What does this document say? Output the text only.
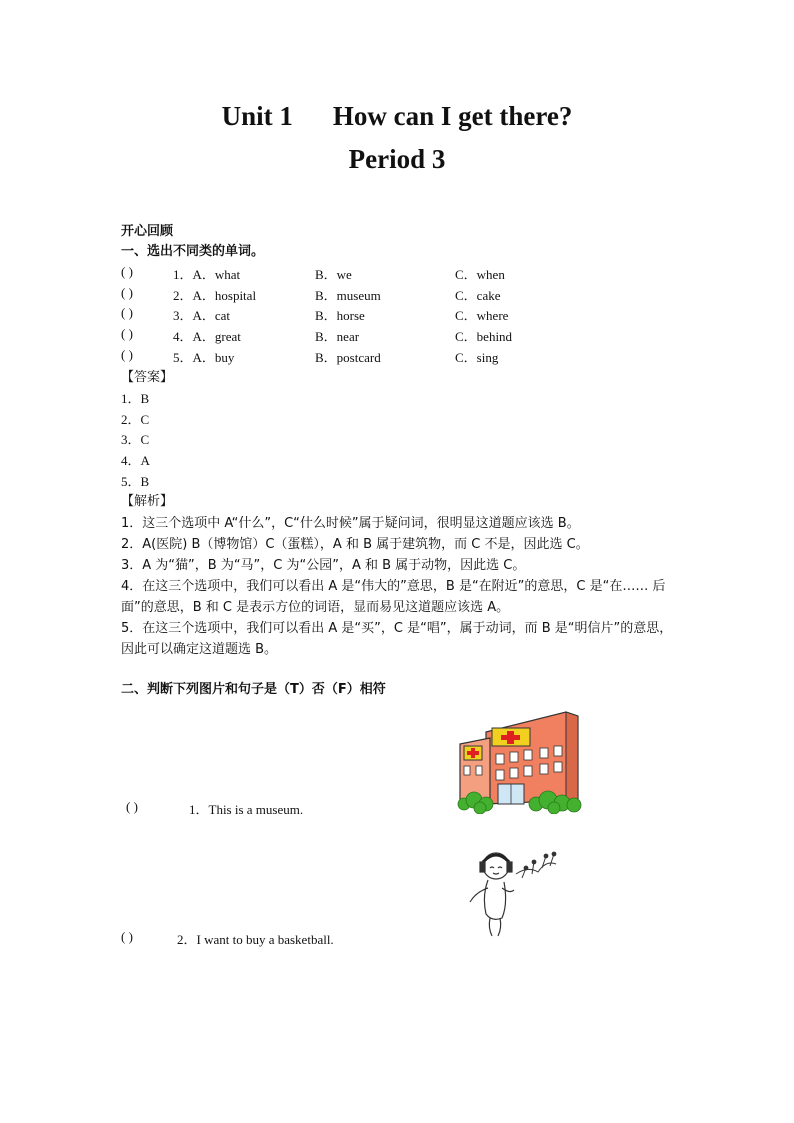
Unit 1 How can I get there?
Period 3
开心回顾
一、选出不同类的单词。
( )	1．A．what	B．we	C．when
( )	2．A．hospital	B．museum	C．cake
( )	3．A．cat	B．horse	C．where
( )	4．A．great	B．near	C．behind
( )	5．A．buy	B．postcard	C．sing
【答案】
1．B
2．C
3．C
4．A
5．B
【解析】
1．这三个选项中 A“什么”，C“什么时候”属于疑问词，很明显这道题应该选 B。
2．A(医院) B（博物馆）C（蛋糕），A 和 B 属于建筑物，而 C 不是，因此选 C。
3．A 为“猫”，B 为“马”，C 为“公园”，A 和 B 属于动物，因此选 C。
4．在这三个选项中，我们可以看出 A 是“伟大的”意思，B 是“在附近”的意思，C 是“在…… 后面”的意思，B 和 C 是表示方位的词语，显而易见这道题应该选 A。
5．在这三个选项中，我们可以看出 A 是“买”，C 是“唱”，属于动词，而 B 是“明信片”的意思，因此可以确定这道题选 B。
二、判断下列图片和句子是（T）否（F）相符
( )	1．This is a museum.
( )	2．I want to buy a basketball.
